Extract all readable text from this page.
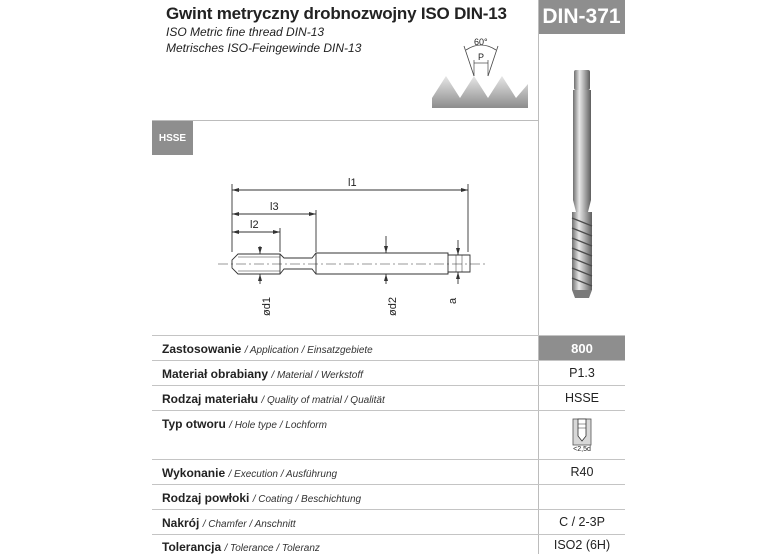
Gwint metryczny drobnozwojny ISO DIN-13
ISO Metric fine thread DIN-13
Metrisches ISO-Feingewinde DIN-13
DIN-371
60°
P
HSSE
l1
l3
l2
ød1	ød2	a
Zastosowanie / Application / Einsatzgebiete	800
Materiał obrabiany / Material / Werkstoff	P1.3
Rodzaj materiału / Quality of matrial / Qualität	HSSE
Typ otworu / Hole type / Lochform
<2,5d
Wykonanie / Execution / Ausführung	R40
Rodzaj powłoki / Coating / Beschichtung
Nakrój / Chamfer / Anschnitt	C / 2-3P
Tolerancja / Tolerance / Toleranz	ISO2 (6H)
